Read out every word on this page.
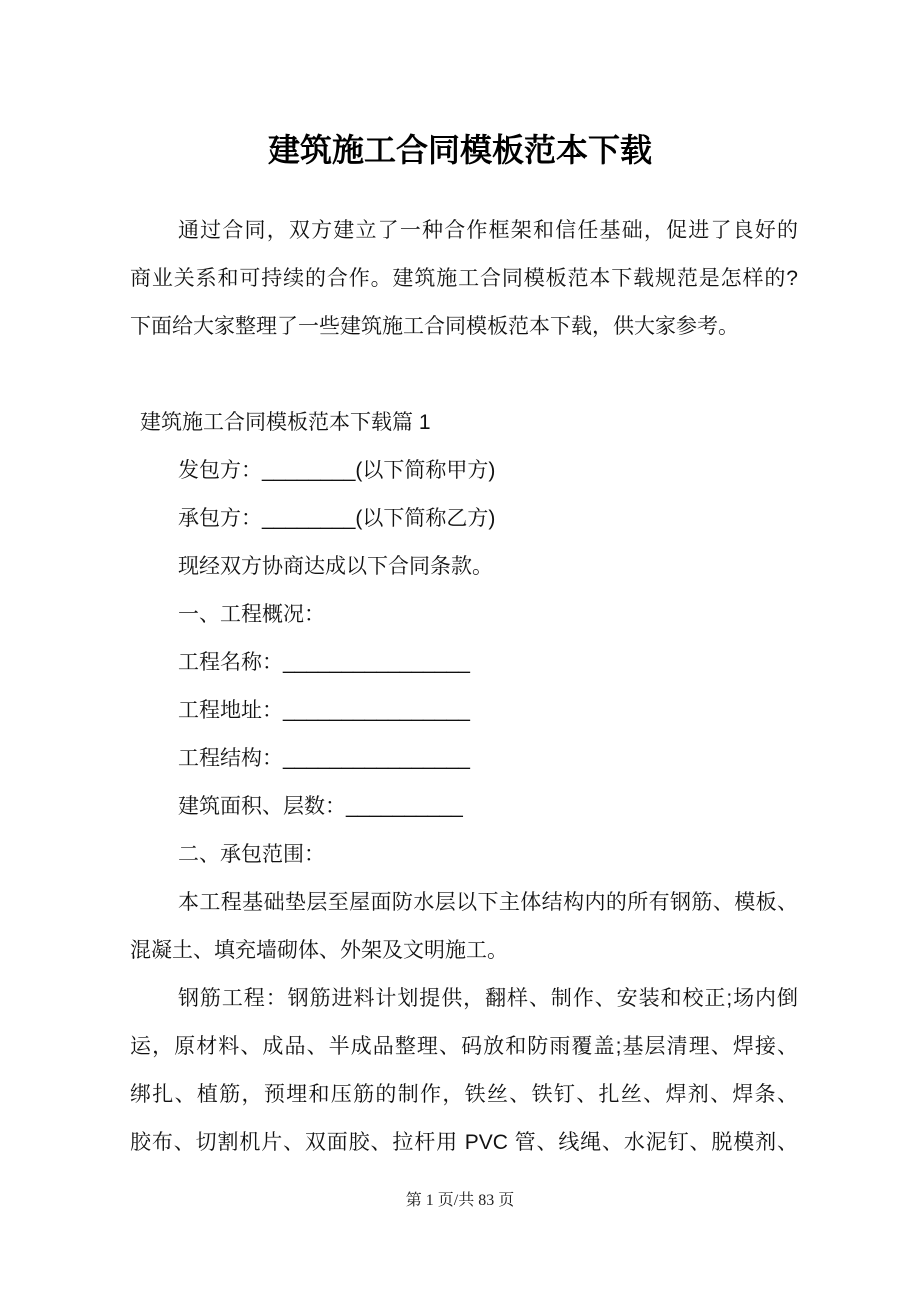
建筑施工合同模板范本下载
通过合同，双方建立了一种合作框架和信任基础，促进了良好的
商业关系和可持续的合作。建筑施工合同模板范本下载规范是怎样的?
下面给大家整理了一些建筑施工合同模板范本下载，供大家参考。
建筑施工合同模板范本下载篇 1
发包方：________(以下简称甲方)
承包方：________(以下简称乙方)
现经双方协商达成以下合同条款。
一、工程概况：
工程名称：________________
工程地址：________________
工程结构：________________
建筑面积、层数：__________
二、承包范围：
本工程基础垫层至屋面防水层以下主体结构内的所有钢筋、模板、
混凝土、填充墙砌体、外架及文明施工。
钢筋工程：钢筋进料计划提供，翻样、制作、安装和校正;场内倒
运，原材料、成品、半成品整理、码放和防雨覆盖;基层清理、焊接、
绑扎、植筋，预埋和压筋的制作，铁丝、铁钉、扎丝、焊剂、焊条、
胶布、切割机片、双面胶、拉杆用 PVC 管、线绳、水泥钉、脱模剂、
第 1 页/共 83 页
